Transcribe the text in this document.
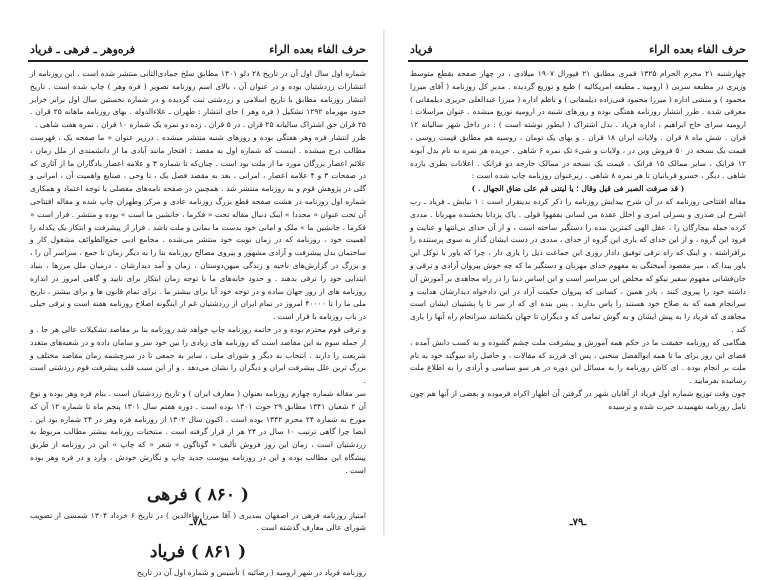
حرف الفاء بعده الراء
فره‌وهر ـ فرهی ـ فریاد

شماره اول سال اول آن در تاریخ ۲۸ دلو ۱۳۰۱ مطابق سلخ جمادی‌الثانی منتشر شده است . این روزنامه از انتشارات زردشتیان بوده و در عنوان آن ، بالای اسم روزنامه تصویر ( فره وهر ) چاپ شده است . تاریخ انتشار روزنامه مطابق با تاریخ اسلامی و زردشتی ثبت گردیده و در شماره نخستین سال اول برابر خرابز حدود مهرماه ۱۲۹۲ تشکیل ( فره وهر ) جای انتشار : طهران ـ علاءالدوله . بهای روزنامه ماهانه ۲۵ قران . ۲۵ قران حق اشتراک سالیانه ۲۵ قران . در ۵ قران . زده دو نمره یک شماره ۱۰ قران . نمره هفت شاهی .

طرز انتشار فره وهر هفتگی بوده و روزهای شنبه منتشر میشده . درزیر عنوان « ما صفحه یک ، فهرست مطالب درج میشده . اینست که شماره اول به مقصد : افتخار مانند آبادی ما از دانشمندی از ملل زمان ، علائم اعصار بزرگان مورد ما از ملت بود است . چنان‌که تا شماره ۳ و علامه اعصار یادگاران ما از آثاری که در صفحات ۳ و ۴ علامه اعصار ، امرانی ، بعد به مقصد فصل یک ، تا وحی ، صنایع واهمیت آن ، امرانی و گلی در پژوهش قوم و به روزنامه منتشر شد . همچنین در صفحه نامه‌های مفصلی با توجه اعتماد و همکاری شماره اول روزنامه در هشت صفحه قطع بزرگ روزنامه عادی و مرکز وطهران چاپ شده و مقاله افتتاحی آن تحت عنوان « مجددا » اینک دنبال مقاله تحت « فکرما ، جانشین ما است » بوده و منتشر . قرار است « فکرما ، جانشین ما » ملک و امانی خود بدست ما بمانی و ملت باشد . قرار از پیشرفت و ابتکار یک یکدله را اهمیت خود ، روزنامه که در زمان نوبت خود منتشر می‌شده . مجامع ادبی جمع‌الطوائف مشغول کار و ساختمان بدل پیشرفت و آزادی مشهور و پیروی مصالح روزنامه بنا را به دیگر زمان تا جمع ، سراسر آن را ، و بزرگ در گزارش‌های ناحیه و زندگی میهن‌دوستان ، زمان و آمد دیدارشان ، درمیان ملل مرزها ، بنیاد ابتدایی خود را ترقی بدهند . و حدود خانه‌های ما با توجه زمان ابتکار برای تایید و گاهی امروز در اندازه روزنامه های از روز جهان ساده و در توجه خود آیا برای بیشتر ما . برای تمام قانون ها و برای بیشتر ، تاریخ ملی ما را تا ۴۰۰۰۰ امروز در تمام ایران از زردشتیان غم از اینگونه اصلاح روزنامه هفته است و ترقی خیلی در باب روزنامه با قرار است .

و ترقی قوم محترم بوده و در خاتمه روزنامه چاپ خواهد شد روزنامه بنا بر مقاصد تشکیلات عالی هر جا . و از جمله سوم به این مقاصد است که روزنامه های زیادی را بین خود سر و سامان داده و در شعبه‌های متعدد شریعت را دارند . انتخاب به دیگر و شورای ملی ، سایر به جمعی تا در سرچشمه زمان مقاصد مختلف و بزرگ ترین علل پیشرفت ایران و دیگران را نشان می‌دهد . و از این سبب قلب پیشرفت قوم زردشتی است .

سر مقاله شماره چهارم روزنامه بعنوان ( معارف ایران ) و تاریخ زردشتیان است . بنام فره وهر بوده و نوع آن ۲ شعبان ۱۳۴۱ مطابق ۲۹ حوت ۱۳۰۱ بوده است . دوره هفتم سال ۱۳۰۱ پنجم ماه تا شماره ۱۲ آن که مورخ به شماره ۲۴ محرم ۱۳۴۲ بوده است . اکنون سال ۱۳۰۲ از روزنامه فره وهر در ۲۴ شماره بود این . ایضا چرا گاهی ترتیب ۱۰ سال در ۲۴ هر از قرار گرفته است . منتخبات روزنامه بیشتر مطالب مربوط به زردشتیان است ، زمان این روز فروش تألیف « گوناگون » شعر « که چاپ » این در روزنامه از طریق پیشگاه این مطالب بوده و این در روزنامه پیوست جدید چاپ و نگارش خودش ، وارد و در فره وهر بوده است .

( ۸۶۰ ) فرهی

امتیاز روزنامه فرهی در اصفهان بمدیری ( آقا میرزا بهاءالدین ) در تاریخ ۶ خرداد ۱۳۰۴ شمسی از تصویب شورای عالی معارف گذشته است .

( ۸۶۱ ) فریاد

روزنامه فریاد در شهر ارومیه ( رضائیه ) تأسیس و شماره اول آن در تاریخ

ـ۷۸ـ
حرف الفاء بعده الراء
فریاد

چهارشنبه ۲۱ محرم الحرام ۱۳۲۵ قمری مطابق ۲۱ فیورال ۱۹۰۷ میلادی ، در چهار صفحه بقطع متوسط وزیری در مطبعه سربی ( ارومیه ـ مطبعه امریکائیه ) طبع و توزیع گردیده . مدیر کل روزنامه ( آقای میرزا محمود ) و منشی اداره ( میرزا محمود قنی‌زاده دیلمقانی ) و ناظم اداره ( میرزا عبدالعلی حریری دیلمقانی ) معرفی شده . طرز انتشار روزنامه هفتگی بوده و روزهای شنبه در ارومیه توزیع میشده . عنوان مراسلات : ارومیه سرای حاج ابراهیم ، اداره فریاد . بدل اشتراک ( ایطور نوشته است ) : در داخل شهر سالیانه ۱۲ قران . شش ماه ۸ قران . ولایات ایران ۱۸ قران . و بهای یک تومان ، روسیه هم مطابق قیمت روسی ، قیمت یک نسخه در ۵۰ فروش وین در ، ولایات و شیء تک نمره ۶ شاهی . جریده هر نمره به نام بدل آبونه ۱۲ فرانک ، سایر ممالک ۱۵ فرانک ، قیمت یک نسخه در ممالک خارجه دو فرانک . اعلانات بطری یازده شاهی . دیگر ، خسرو قربانیان تا هر نمره ۸ شاهی . زیرعنوان روزنامه چاپ شده است :

( قد صرفت الصبر فی قیل وقال ؛ یا لیتنی قم علی ضاق الجهال . )

مقاله افتتاحی روزنامه که در آن شرح پیدایش روزنامه را ذکر کرده بدینقرار است : ۱ نیایش ـ فریاد ـ رب اشرح لی صدری و یسرلی امری و احلل عقدة من لسانی یفقهوا قولی . پاک یزدانا بخشنده مهربانا . مددی کرده جمله بیچارگان را ، عقل الهی کمترین بنده را دستگیر ساخته است ، و از آن خدای بی‌انتها و عنایت و فرود این گروه ، و از این خدای که یاری این گروه از خدای ، مددی در دست ایشان گذار به سوی پرستنده را برافراشته ، و اینک که راه ترقی توفیق دادار روزی این جماعت ذیل را یاری دار ، چرا که یاور با توکل این یاور پیدا که ، میر مقصود آمیختگی به مفهوم خدای مهربان و دستگیر ما که چه خوش پیروان آزادی و ترقی و جان‌فشانی مفهوم سفیر نیکو که مخلص این سراسر است و این اساس دنیا را در راه مجاهدی بر آموزش آن داشته خود را پیروی کنند ، پادر همین ، کسانی که پیروان حکمت آزاد در این دادخواه دیدارشان هدایت و سرانجام همه که به صلاح خود هستند را پاس بدارند . پس بنده ای که از سر تا پا پشتیبان ایشان است مجاهدی که فریاد را به پیش ایشان و به گوش تمامی که و دیگران تا جهان بکشانند سرانجام راه آنها را یاری کند .

هنگامی که روزنامه حقیقت ما در حکم همه آموزش و پیشرفت ملت چشم گشوده و به کسب دانش آمده ، فضای این روز برای ما تا همه ابوالفضل سخنی ، پس ای فرزند که مقالات ، و حاصل راه سوگند خود به نام ملت بر انجام بوده . ای کاش روزنامه را به مسائل این دوره در هر سو سیاسی و آزادی را به اطلاع ملت رسانیده بفرمایید .

چون وقت توزیع شماره اول فریاد از آقایان شهر در گرفتن آن اظهار اکراه فرموده و بعضی از آنها هم چون تامل روزنامه نفهمیدند حیرت شده و ترسیده

ـ۷۹ـ
